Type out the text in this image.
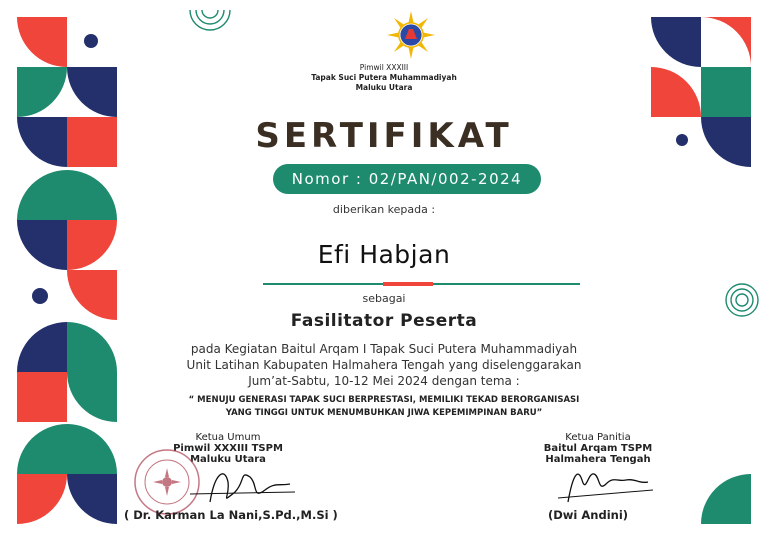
Pimwil XXXIII
Tapak Suci Putera Muhammadiyah
Maluku Utara
SERTIFIKAT
Nomor : 02/PAN/002-2024
diberikan kepada :
Efi Habjan
sebagai
Fasilitator Peserta
pada Kegiatan Baitul Arqam I Tapak Suci Putera Muhammadiyah
Unit Latihan Kabupaten Halmahera Tengah yang diselenggarakan
Jum’at-Sabtu, 10-12 Mei 2024 dengan tema :
“ MENUJU GENERASI TAPAK SUCI BERPRESTASI, MEMILIKI TEKAD BERORGANISASI
YANG TINGGI UNTUK MENUMBUHKAN JIWA KEPEMIMPINAN BARU”
Ketua Umum
Pimwil XXXIII TSPM
Maluku Utara
( Dr. Karman La Nani,S.Pd.,M.Si )
Ketua Panitia
Baitul Arqam TSPM
Halmahera Tengah
(Dwi Andini)
